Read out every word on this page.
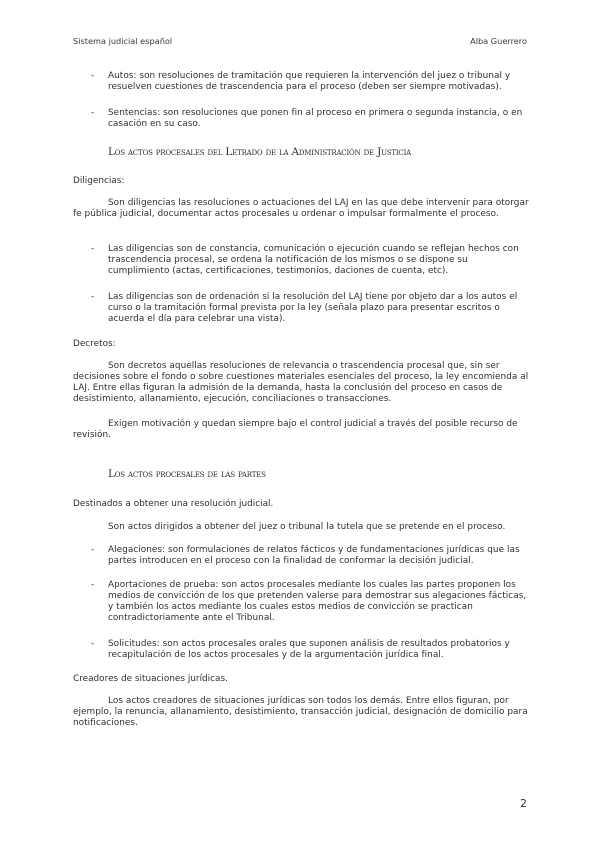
Sistema judicial español	Alba Guerrero
-	Autos: son resoluciones de tramitación que requieren la intervención del juez o tribunal y resuelven cuestiones de trascendencia para el proceso (deben ser siempre motivadas).
-	Sentencias: son resoluciones que ponen fin al proceso en primera o segunda instancia, o en casación en su caso.
Los actos procesales del Letrado de la Administración de Justicia
Diligencias:
Son diligencias las resoluciones o actuaciones del LAJ en las que debe intervenir para otorgar fe pública judicial, documentar actos procesales u ordenar o impulsar formalmente el proceso.
-	Las diligencias son de constancia, comunicación o ejecución cuando se reflejan hechos con trascendencia procesal, se ordena la notificación de los mismos o se dispone su cumplimiento (actas, certificaciones, testimonios, daciones de cuenta, etc).
-	Las diligencias son de ordenación si la resolución del LAJ tiene por objeto dar a los autos el curso o la tramitación formal prevista por la ley (señala plazo para presentar escritos o acuerda el día para celebrar una vista).
Decretos:
Son decretos aquellas resoluciones de relevancia o trascendencia procesal que, sin ser decisiones sobre el fondo o sobre cuestiones materiales esenciales del proceso, la ley encomienda al LAJ. Entre ellas figuran la admisión de la demanda, hasta la conclusión del proceso en casos de desistimiento, allanamiento, ejecución, conciliaciones o transacciones.
Exigen motivación y quedan siempre bajo el control judicial a través del posible recurso de revisión.
Los actos procesales de las partes
Destinados a obtener una resolución judicial.
Son actos dirigidos a obtener del juez o tribunal la tutela que se pretende en el proceso.
-	Alegaciones: son formulaciones de relatos fácticos y de fundamentaciones jurídicas que las partes introducen en el proceso con la finalidad de conformar la decisión judicial.
-	Aportaciones de prueba: son actos procesales mediante los cuales las partes proponen los medios de convicción de los que pretenden valerse para demostrar sus alegaciones fácticas, y también los actos mediante los cuales estos medios de convicción se practican contradictoriamente ante el Tribunal.
-	Solicitudes: son actos procesales orales que suponen análisis de resultados probatorios y recapitulación de los actos procesales y de la argumentación jurídica final.
Creadores de situaciones jurídicas.
Los actos creadores de situaciones jurídicas son todos los demás. Entre ellos figuran, por ejemplo, la renuncia, allanamiento, desistimiento, transacción judicial, designación de domicilio para notificaciones.
2
